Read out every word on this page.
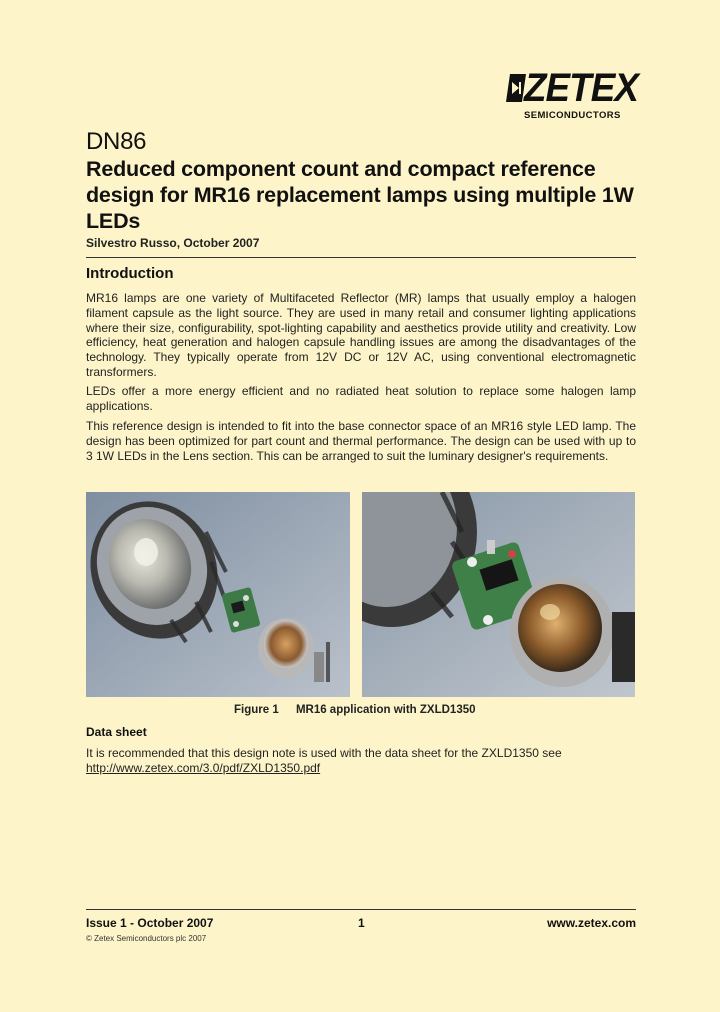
ZETEX
SEMICONDUCTORS
DN86
Reduced component count and compact reference design for MR16 replacement lamps using multiple 1W LEDs
Silvestro Russo, October 2007
Introduction

MR16 lamps are one variety of Multifaceted Reflector (MR) lamps that usually employ a halogen filament capsule as the light source. They are used in many retail and consumer lighting applications where their size, configurability, spot-lighting capability and aesthetics provide utility and creativity. Low efficiency, heat generation and halogen capsule handling issues are among the disadvantages of the technology. They typically operate from 12V DC or 12V AC, using conventional electromagnetic transformers.

LEDs offer a more energy efficient and no radiated heat solution to replace some halogen lamp applications.

This reference design is intended to fit into the base connector space of an MR16 style LED lamp. The design has been optimized for part count and thermal performance. The design can be used with up to 3 1W LEDs in the Lens section. This can be arranged to suit the luminary designer's requirements.

Figure 1 MR16 application with ZXLD1350
Data sheet

It is recommended that this design note is used with the data sheet for the ZXLD1350 see
http://www.zetex.com/3.0/pdf/ZXLD1350.pdf

Issue 1 - October 2007	1	www.zetex.com
© Zetex Semiconductors plc 2007
